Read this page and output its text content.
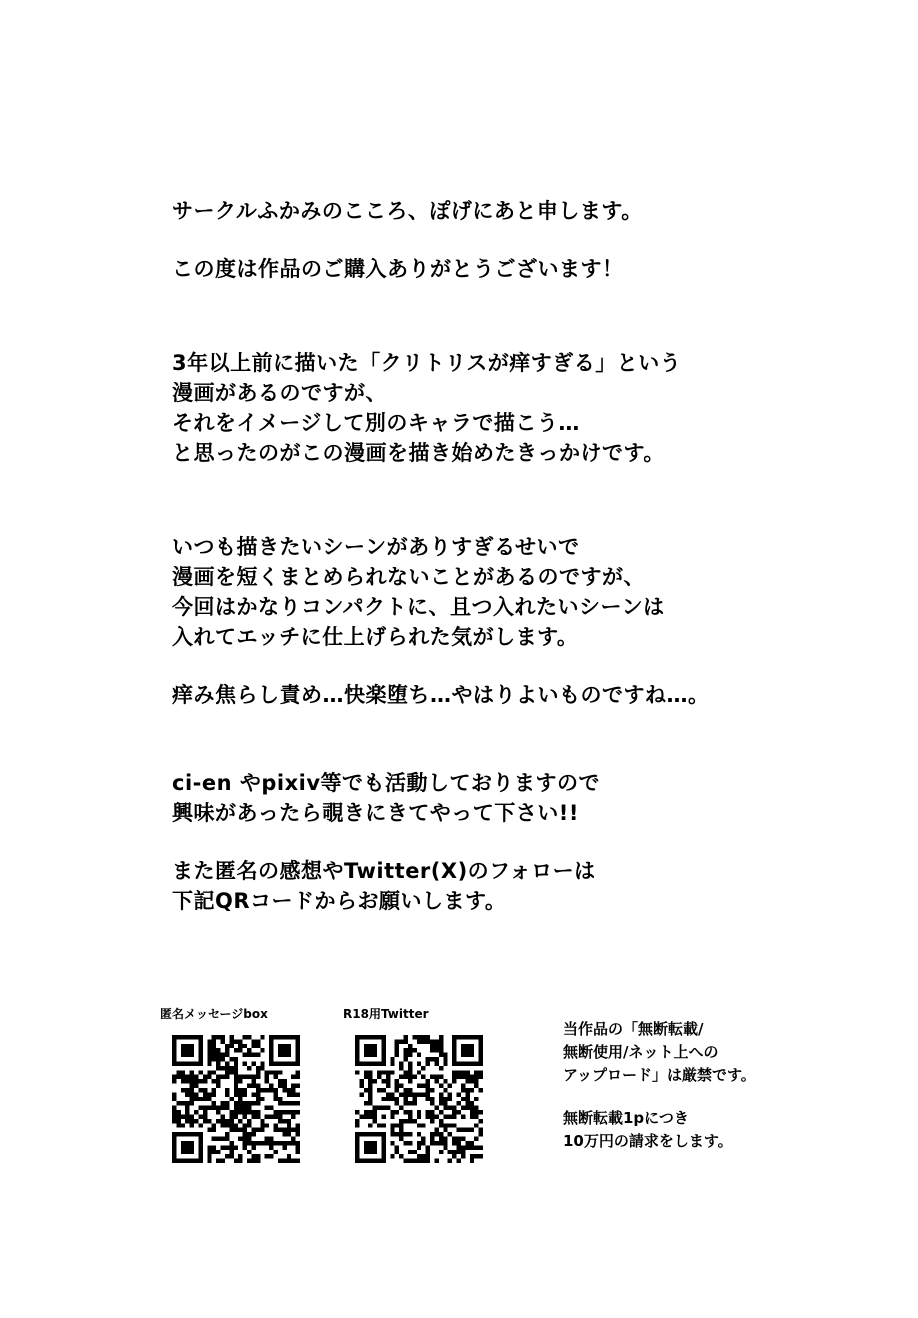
サークルふかみのこころ、ぽげにあと申します。
この度は作品のご購入ありがとうございます！
3年以上前に描いた「クリトリスが痒すぎる」という
漫画があるのですが、
それをイメージして別のキャラで描こう…
と思ったのがこの漫画を描き始めたきっかけです。
いつも描きたいシーンがありすぎるせいで
漫画を短くまとめられないことがあるのですが、
今回はかなりコンパクトに、且つ入れたいシーンは
入れてエッチに仕上げられた気がします。
痒み焦らし責め…快楽堕ち…やはりよいものですね…。
ci-en やpixiv等でも活動しておりますので
興味があったら覗きにきてやって下さい!!
また匿名の感想やTwitter(X)のフォローは
下記QRコードからお願いします。
匿名メッセージbox	R18用Twitter
当作品の「無断転載/
無断使用/ネット上への
アップロード」は厳禁です。
無断転載1pにつき
10万円の請求をします。
